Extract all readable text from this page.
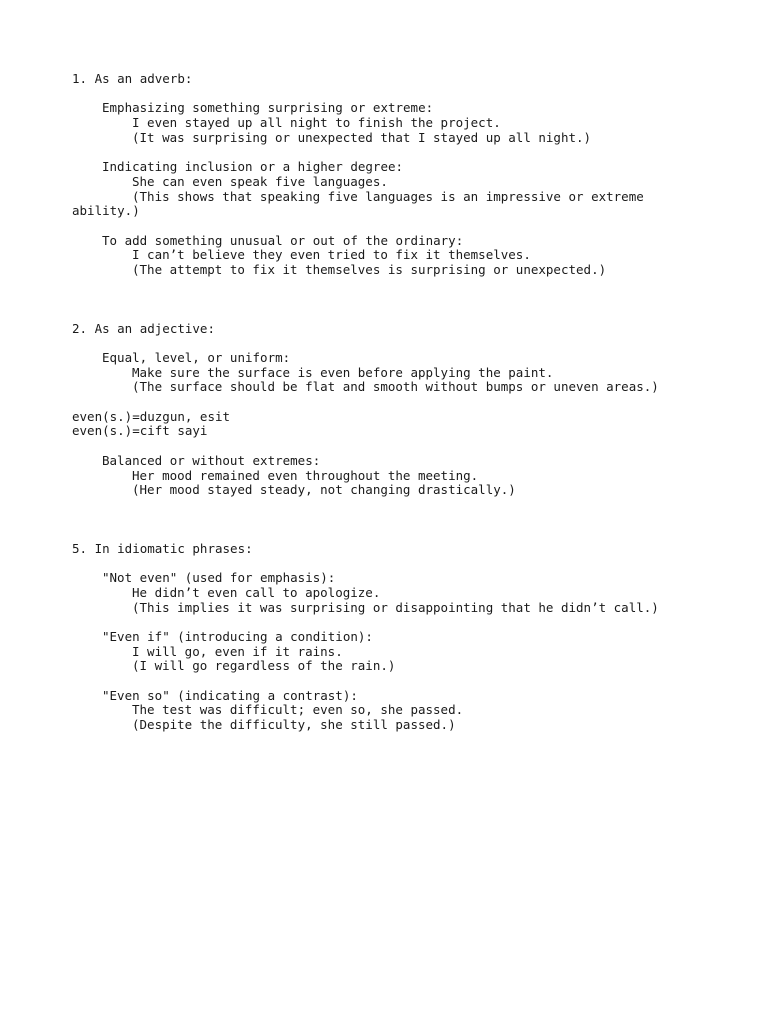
1. As an adverb:
Emphasizing something surprising or extreme:
I even stayed up all night to finish the project.
(It was surprising or unexpected that I stayed up all night.)
Indicating inclusion or a higher degree:
She can even speak five languages.
(This shows that speaking five languages is an impressive or extreme
ability.)
To add something unusual or out of the ordinary:
I can’t believe they even tried to fix it themselves.
(The attempt to fix it themselves is surprising or unexpected.)
2. As an adjective:
Equal, level, or uniform:
Make sure the surface is even before applying the paint.
(The surface should be flat and smooth without bumps or uneven areas.)
even(s.)=duzgun, esit
even(s.)=cift sayi
Balanced or without extremes:
Her mood remained even throughout the meeting.
(Her mood stayed steady, not changing drastically.)
5. In idiomatic phrases:
"Not even" (used for emphasis):
He didn’t even call to apologize.
(This implies it was surprising or disappointing that he didn’t call.)
"Even if" (introducing a condition):
I will go, even if it rains.
(I will go regardless of the rain.)
"Even so" (indicating a contrast):
The test was difficult; even so, she passed.
(Despite the difficulty, she still passed.)
